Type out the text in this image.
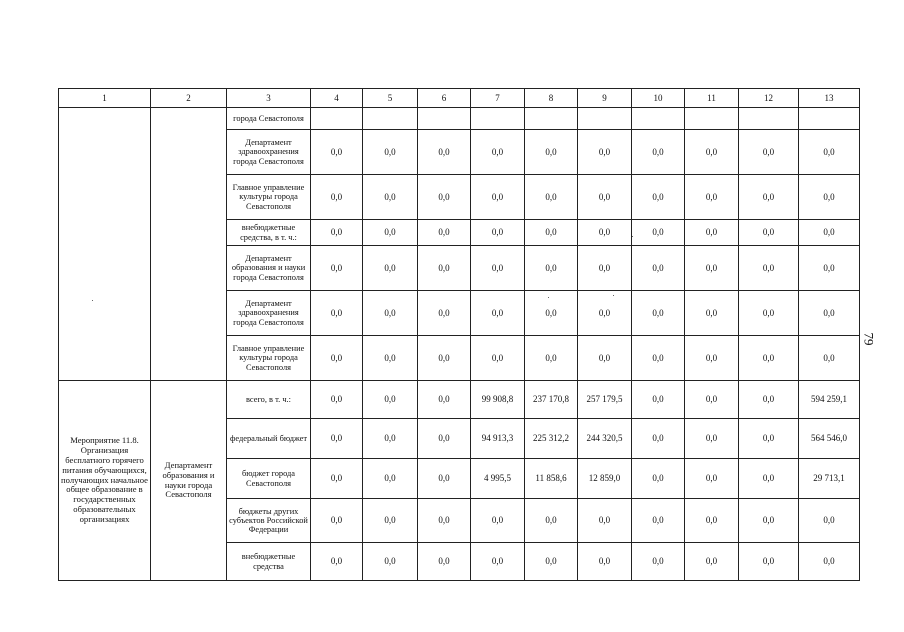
1	2	3	4	5	6	7	8	9	10	11	12	13
		города Севастополя										
		Департамент здравоохранения города Севастополя	0,0	0,0	0,0	0,0	0,0	0,0	0,0	0,0	0,0	0,0
		Главное управление культуры города Севастополя	0,0	0,0	0,0	0,0	0,0	0,0	0,0	0,0	0,0	0,0
		внебюджетные средства, в т. ч.:	0,0	0,0	0,0	0,0	0,0	0,0	0,0	0,0	0,0	0,0
		Департамент образования и науки города Севастополя	0,0	0,0	0,0	0,0	0,0	0,0	0,0	0,0	0,0	0,0
		Департамент здравоохранения города Севастополя	0,0	0,0	0,0	0,0	0,0	0,0	0,0	0,0	0,0	0,0
		Главное управление культуры города Севастополя	0,0	0,0	0,0	0,0	0,0	0,0	0,0	0,0	0,0	0,0
Мероприятие 11.8. Организация бесплатного горячего питания обучающихся, получающих начальное общее образование в государственных образовательных организациях	Департамент образования и науки города Севастополя	всего, в т. ч.:	0,0	0,0	0,0	99 908,8	237 170,8	257 179,5	0,0	0,0	0,0	594 259,1
		федеральный бюджет	0,0	0,0	0,0	94 913,3	225 312,2	244 320,5	0,0	0,0	0,0	564 546,0
		бюджет города Севастополя	0,0	0,0	0,0	4 995,5	11 858,6	12 859,0	0,0	0,0	0,0	29 713,1
		бюджеты других субъектов Российской Федерации	0,0	0,0	0,0	0,0	0,0	0,0	0,0	0,0	0,0	0,0
		внебюджетные средства	0,0	0,0	0,0	0,0	0,0	0,0	0,0	0,0	0,0	0,0
79
